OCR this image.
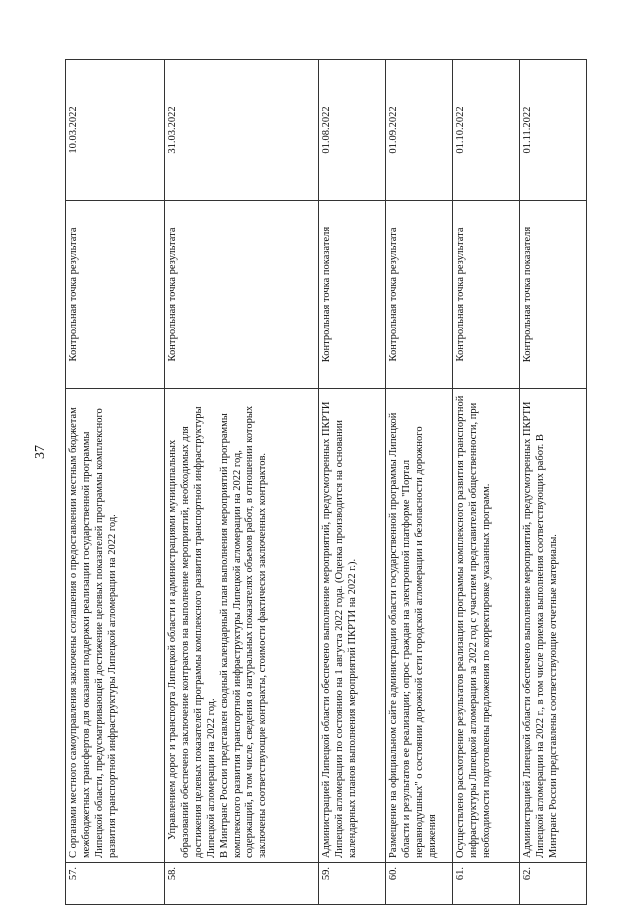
37
57.	С органами местного самоуправления заключены соглашения о предоставлении местным бюджетам межбюджетных трансфертов для оказания поддержки реализации государственной программы Липецкой области, предусматривающей достижение целевых показателей программы комплексного развития транспортной инфраструктуры Липецкой агломерации на 2022 год.	Контрольная точка результата	10.03.2022
58.	Управлением дорог и транспорта Липецкой области и администрациями муниципальных образований обеспечено заключение контрактов на выполнение мероприятий, необходимых для достижения целевых показателей программы комплексного развития транспортной инфраструктуры Липецкой агломерации на 2022 год. В Минтранс России представлен сводный календарный план выполнения мероприятий программы комплексного развития транспортной инфраструктуры Липецкой агломерации на 2022 год, содержащий, в том числе, сведения о натуральных показателях объемов работ, в отношении которых заключены соответствующие контракты, стоимости фактически заключенных контрактов.	Контрольная точка результата	31.03.2022
59.	Администрацией Липецкой области обеспечено выполнение мероприятий, предусмотренных ПКРТИ Липецкой агломерации по состоянию на 1 августа 2022 года. (Оценка производится на основании календарных планов выполнения мероприятий ПКРТИ на 2022 г.).	Контрольная точка показателя	01.08.2022
60.	Размещение на официальном сайте администрации области государственной программы Липецкой области и результатов ее реализации; опрос граждан на электронной платформе "Портал неравнодушных" о состоянии дорожной сети городской агломерации и безопасности дорожного движения	Контрольная точка результата	01.09.2022
61.	Осуществлено рассмотрение результатов реализации программы комплексного развития транспортной инфраструктуры Липецкой агломерации за 2022 год с участием представителей общественности, при необходимости подготовлены предложения по корректировке указанных программ.	Контрольная точка результата	01.10.2022
62.	Администрацией Липецкой области обеспечено выполнение мероприятий, предусмотренных ПКРТИ Липецкой агломерации на 2022 г., в том числе приемка выполнения соответствующих работ. В Минтранс России представлены соответствующие отчетные материалы.	Контрольная точка показателя	01.11.2022
